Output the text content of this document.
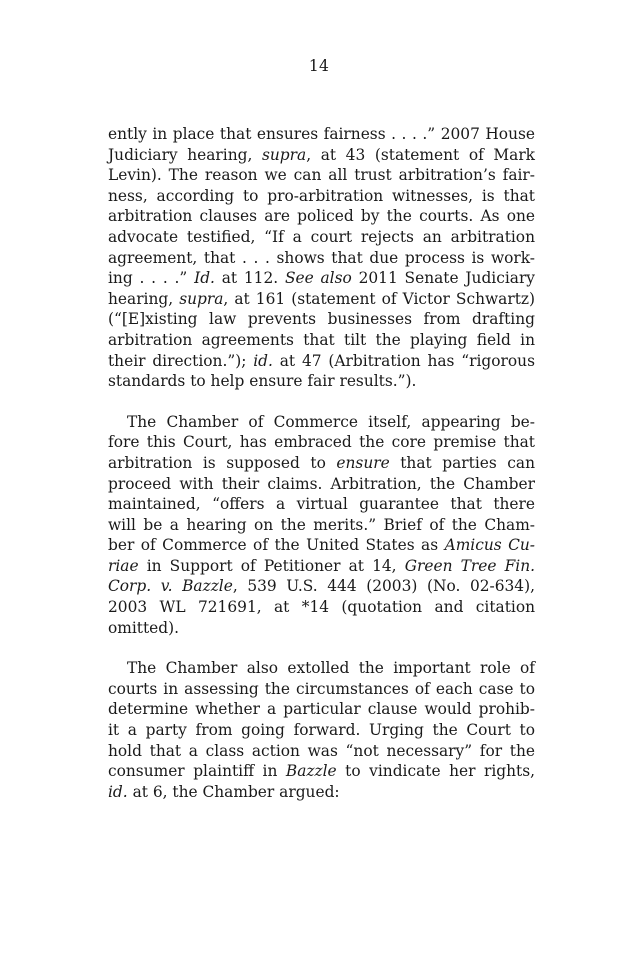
14
ently in place that ensures fairness . . . .” 2007 House
Judiciary hearing, supra, at 43 (statement of Mark
Levin). The reason we can all trust arbitration’s fair-
ness, according to pro-arbitration witnesses, is that
arbitration clauses are policed by the courts. As one
advocate testified, “If a court rejects an arbitration
agreement, that . . . shows that due process is work-
ing . . . .” Id. at 112. See also 2011 Senate Judiciary
hearing, supra, at 161 (statement of Victor Schwartz)
(“[E]xisting law prevents businesses from drafting
arbitration agreements that tilt the playing field in
their direction.”); id. at 47 (Arbitration has “rigorous
standards to help ensure fair results.”).
The Chamber of Commerce itself, appearing be-
fore this Court, has embraced the core premise that
arbitration is supposed to ensure that parties can
proceed with their claims. Arbitration, the Chamber
maintained, “offers a virtual guarantee that there
will be a hearing on the merits.” Brief of the Cham-
ber of Commerce of the United States as Amicus Cu-
riae in Support of Petitioner at 14, Green Tree Fin.
Corp. v. Bazzle, 539 U.S. 444 (2003) (No. 02-634),
2003 WL 721691, at *14 (quotation and citation
omitted).
The Chamber also extolled the important role of
courts in assessing the circumstances of each case to
determine whether a particular clause would prohib-
it a party from going forward. Urging the Court to
hold that a class action was “not necessary” for the
consumer plaintiff in Bazzle to vindicate her rights,
id. at 6, the Chamber argued:
